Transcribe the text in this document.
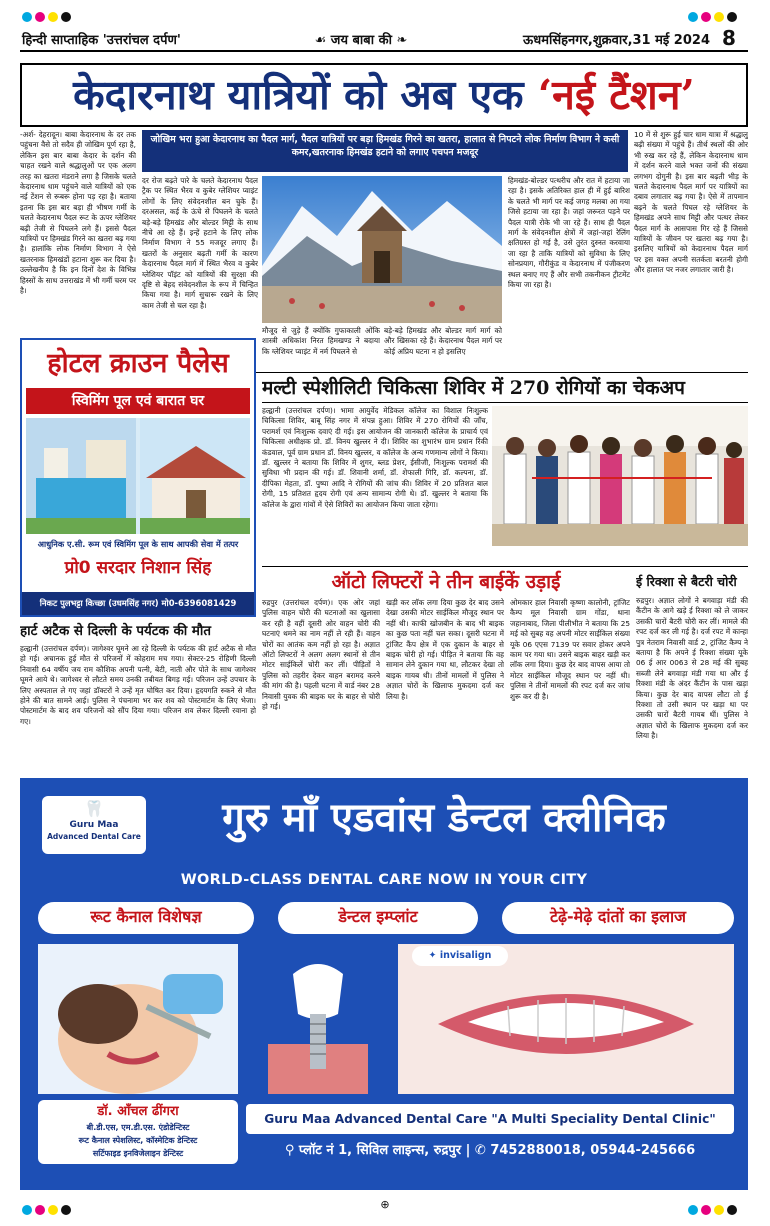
हिन्दी साप्ताहिक 'उत्तरांचल दर्पण'	☙ जय बाबा की ❧	ऊधमसिंहनगर,शुक्रवार,31 मई 2024 8
केदारनाथ यात्रियों को अब एक ‘नई टैंशन’
-अर्श- देहरादून। बाबा केदारनाथ के दर तक पहुंचना वैसे तो सदैव ही जोखिम पूर्ण रहा है, लेकिन इस बार बाबा केदार के दर्शन की चाहत रखने वाले श्रद्धालुओं पर एक अलग तरह का खतरा मंडराने लगा है जिसके चलते केदारनाथ धाम पहुंचने वाले यात्रियों को एक नई टेंशन से रूबरू होना पड़ रहा है। बताया इतना कि इस बार बड़ा ही भीषण गर्मी के चलते केदारनाथ पैदल रूट के ऊपर ग्लेशियर बढ़ी तेजी से पिघलने लगे हैं। इससे पैदल यात्रियों पर हिमखंड गिरने का खतरा बढ़ गया है। हालांकि लोक निर्माण विभाग ने ऐसे खतरनाक हिमखंडों हटाना शुरू कर दिया है। उल्लेखनीय है कि इन दिनों देश के विभिन्न हिस्सों के साथ उत्तराखंड में भी गर्मी चरम पर है।
जोखिम भरा हुआ केदारनाथ का पैदल मार्ग, पैदल यात्रियों पर बड़ा हिमखंड गिरने का खतरा, हालात से निपटने लोक निर्माण विभाग ने कसी कमर,खतरनाक हिमखंड हटाने को लगाए पचपन मजदूर
दर रोज बढ़ते पारे के चलते केदारनाथ पैदल ट्रैक पर स्थित भैरव व कुबेर ग्लेशियर प्वाइंट लोगों के लिए संवेदनशील बन चुके हैं। दरअसल, कई के ऊंचे से पिघलने के चलते बड़े-बड़े हिमखंड और बोल्डर मिट्टी के साथ नीचे आ रहे हैं। इन्हें हटाने के लिए लोक निर्माण विभाग ने 55 मजदूर लगाए हैं। खतरों के अनुसार बढ़ती गर्मी के कारण केदारनाथ पैदल मार्ग में स्थित भैरव व कुबेर ग्लेशियर पॉइंट को यात्रियों की सुरक्षा की दृष्टि से बेहद संवेदनशील के रूप में चिन्हित किया गया है। मार्ग सुचारू रखने के लिए काम तेजी से चल रहा है।
मौजूद से जुड़े हैं क्योंकि गुफाकाली ओंकि शास्त्री अधिकांश निरत हिमखण्ड ने बदाया कि ग्लेशियर प्वाइंट में नर्म पिघलने से
बड़े-बड़े हिमखंड और बोल्डर मार्ग मार्ग को और खिसका रहे हैं। केदारनाथ पैदल मार्ग पर कोई अप्रिय घटना न हो इसलिए
हिमखंड-बोल्डर पत्थरीच और रात में हटाया जा रहा है। इसके अतिरिक्त हाल ही में हुई बारिश के चलते भी मार्ग पर कई जगह मलबा आ गया जिसे हटाया जा रहा है। जहां जरूरत पड़ने पर पैदल यात्री रोके भी जा रहे हैं। साथ ही पैदल मार्ग के संवेदनशील क्षेत्रों में जहां-जहां रेलिंग क्षतिग्रस्त हो गई है, उसे तुरंत दुरुस्त करवाया जा रहा है ताकि यात्रियों को सुविधा के लिए सोनप्रयाग, गौरीकुंड व केदारनाथ में पंजीकरण स्थल बनाए गए हैं और सभी तकनीकन ट्रीटमेंट किया जा रहा है।
10 में से शुरू हुई चार धाम यात्रा में श्रद्धालु बढ़ी संख्या में पहुंचे हैं। तीर्थ स्थलों की ओर भी रुख कर रहे हैं, लेकिन केदारनाथ धाम में दर्शन करने वाले भक्त जनों की संख्या लगभग दोगुनी है। इस बार बढ़ती भीड़ के चलते केदारनाथ पैदल मार्ग पर यात्रियों का दबाव लगातार बढ़ गया है। ऐसे में तापमान बढ़ने के चलते पिघल रहे ग्लेशियर के हिमखंड अपने साथ मिट्टी और पत्थर लेकर पैदल मार्ग के आसपास गिर रहे हैं जिससे यात्रियों के जीवन पर खतरा बढ़ गया है। इसलिए यात्रियों को केदारनाथ पैदल मार्ग पर इस वक्त अपनी सतर्कता बरतनी होगी और हालात पर नजर लगातार जारी है।
होटल क्राउन पैलेस
स्विमिंग पूल एवं बारात घर
आधुनिक ए.सी. रूम एवं स्विमिंग पूल के साथ आपकी सेवा में तत्पर
प्रो0 सरदार निशान सिंह
निकट पुलभट्टा किच्छा (उधमसिंह नगर) मो0-6396081429
मल्टी स्पेशीलिटी चिकित्सा शिविर में 270 रोगियों का चेकअप
हल्द्वानी (उत्तरांचल दर्पण)। भामा आयुर्वेद मेडिकल कॉलेज का विशाल निःशुल्क चिकित्सा शिविर, बाबू सिंह नगर में संपन्न हुआ। शिविर में 270 रोगियों की जाँच, परामर्श एवं निःशुल्क दवाएं दी गई। इस आयोजन की जानकारी कॉलेज के प्राचार्य एवं चिकित्सा अधीक्षक प्रो. डॉ. विनय खुल्लर ने दी। शिविर का शुभारंभ ग्राम प्रधान रिंकी कंडवाल, पूर्व ग्राम प्रधान डॉ. विनय खुल्लर, व कॉलेज के अन्य गणमान्य लोगों ने किया। डॉ. खुल्लर ने बताया कि शिविर में शुगर, ब्लड प्रेशर, ईसीजी, निःशुल्क परामर्श की सुविधा भी प्रदान की गई। डॉ. शिवानी शर्मा, डॉ. शेफाली गिरि, डॉ. कल्पना, डॉ. दीपिका मेहता, डॉ. पुष्पा आदि ने रोगियों की जांच की। शिविर में 20 प्रतिशत बाल रोगी, 15 प्रतिशत हृदय रोगी एवं अन्य सामान्य रोगी थे। डॉ. खुल्लर ने बताया कि कॉलेज के द्वारा गांवों में ऐसे शिविरों का आयोजन किया जाता रहेगा।
ऑटो लिफ्टरों ने तीन बाईकें उड़ाई
रुद्रपुर (उत्तरांचल दर्पण)। एक ओर जहां पुलिस वाहन चोरी की घटनाओं का खुलासा कर रही है वहीं दूसरी ओर वाहन चोरी की घटनाएं थमने का नाम नहीं ले रही हैं। वाहन चोरों का आतंक कम नहीं हो रहा है। अज्ञात ऑटो लिफ्टरों ने अलग अलग स्थानों से तीन मोटर साईकिलें चोरी कर लीं। पीड़ितों ने पुलिस को तहरीर देकर वाहन बरामद करने की मांग की है। पहली घटना में वार्ड नंबर 28 निवासी युवक की बाइक घर के बाहर से चोरी हो गई।
खड़ी कर लॉक लगा दिया कुछ देर बाद उसने देखा उसकी मोटर साईकिल मौजूद स्थान पर नहीं थी। काफी खोजबीन के बाद भी बाइक का कुछ पता नहीं चल सका। दूसरी घटना में ट्रांजिट कैंप क्षेत्र में एक दुकान के बाहर से बाइक चोरी हो गई। पीड़ित ने बताया कि वह सामान लेने दुकान गया था, लौटकर देखा तो बाइक गायब थी। तीनों मामलों में पुलिस ने अज्ञात चोरों के खिलाफ मुकदमा दर्ज कर लिया है।
ओमकार हाल निवासी कृष्णा कालोनी, ट्रांजिट कैम्प मूल निवासी ग्राम गोंडा, थाना जहानाबाद, जिला पीलीभीत ने बताया कि 25 मई को सुबह वह अपनी मोटर साईकिल संख्या यूके 06 एएस 7139 पर सवार होकर अपने काम पर गया था। उसने बाइक बाहर खड़ी कर लॉक लगा दिया। कुछ देर बाद वापस आया तो मोटर साईकिल मौजूद स्थान पर नहीं थी। पुलिस ने तीनों मामलों की रपट दर्ज कर जांच शुरू कर दी है।
ई रिक्शा से बैटरी चोरी
रुद्रपुर। अज्ञात लोगों ने बगवाड़ा मंडी की कैंटीन के आगे खड़े ई रिक्शा को ले जाकर उसकी चारों बैटरी चोरी कर लीं। मामले की रपट दर्ज कर ली गई है। दर्ज रपट में कान्हा पुत्र नेतराम निवासी वार्ड 2, ट्रांजिट कैम्प ने बताया है कि अपने ई रिक्शा संख्या यूके 06 ई आर 0063 से 28 मई की सुबह सब्जी लेने बगवाड़ा मंडी गया था और ई रिक्शा मंडी के अंदर कैंटीन के पास खड़ा किया। कुछ देर बाद वापस लौटा तो ई रिक्शा तो उसी स्थान पर खड़ा था पर उसकी चारों बैटरी गायब थीं। पुलिस ने अज्ञात चोरों के खिलाफ मुकदमा दर्ज कर लिया है।
हार्ट अटैक से दिल्ली के पर्यटक की मौत
हल्द्वानी (उत्तरांचल दर्पण)। जागेश्वर घूमने आ रहे दिल्ली के पर्यटक की हार्ट अटैक से मौत हो गई। अचानक हुई मौत से परिजनों में कोहराम मच गया। सेक्टर-25 रोहिणी दिल्ली निवासी 64 वर्षीय जय राम कौशिक अपनी पत्नी, बेटी, नाती और पोते के साथ जागेश्वर घूमने आये थे। जागेश्वर से लौटते समय उनकी तबीयत बिगड़ गई। परिजन उन्हें उपचार के लिए अस्पताल ले गए जहां डॉक्टरों ने उन्हें मृत घोषित कर दिया। हृदयगति रुकने से मौत होने की बात सामने आई। पुलिस ने पंचनामा भर कर शव को पोस्टमार्टम के लिए भेजा। पोस्टमार्टम के बाद शव परिजनों को सौंप दिया गया। परिजन शव लेकर दिल्ली रवाना हो गए।
🦷
Guru Maa
Advanced Dental Care	गुरु माँ एडवांस डेन्टल क्लीनिक
WORLD-CLASS DENTAL CARE NOW IN YOUR CITY
रूट कैनाल विशेषज्ञ	डेन्टल इम्प्लांट	टेढ़े-मेढ़े दांतों का इलाज
✦ invisalign
डॉ. आँचल ढींगरा
बी.डी.एस, एम.डी.एस. एंडोडेन्टिस्ट
रूट कैनाल स्पेशलिस्ट, कॉस्मेटिक डेन्टिस्ट
सर्टिफाइड इनविजेलाइन डेन्टिस्ट
Guru Maa Advanced Dental Care "A Multi Speciality Dental Clinic"
⚲ प्लॉट नं 1, सिविल लाइन्स, रुद्रपुर | ✆ 7452880018, 05944-245666
⊕
